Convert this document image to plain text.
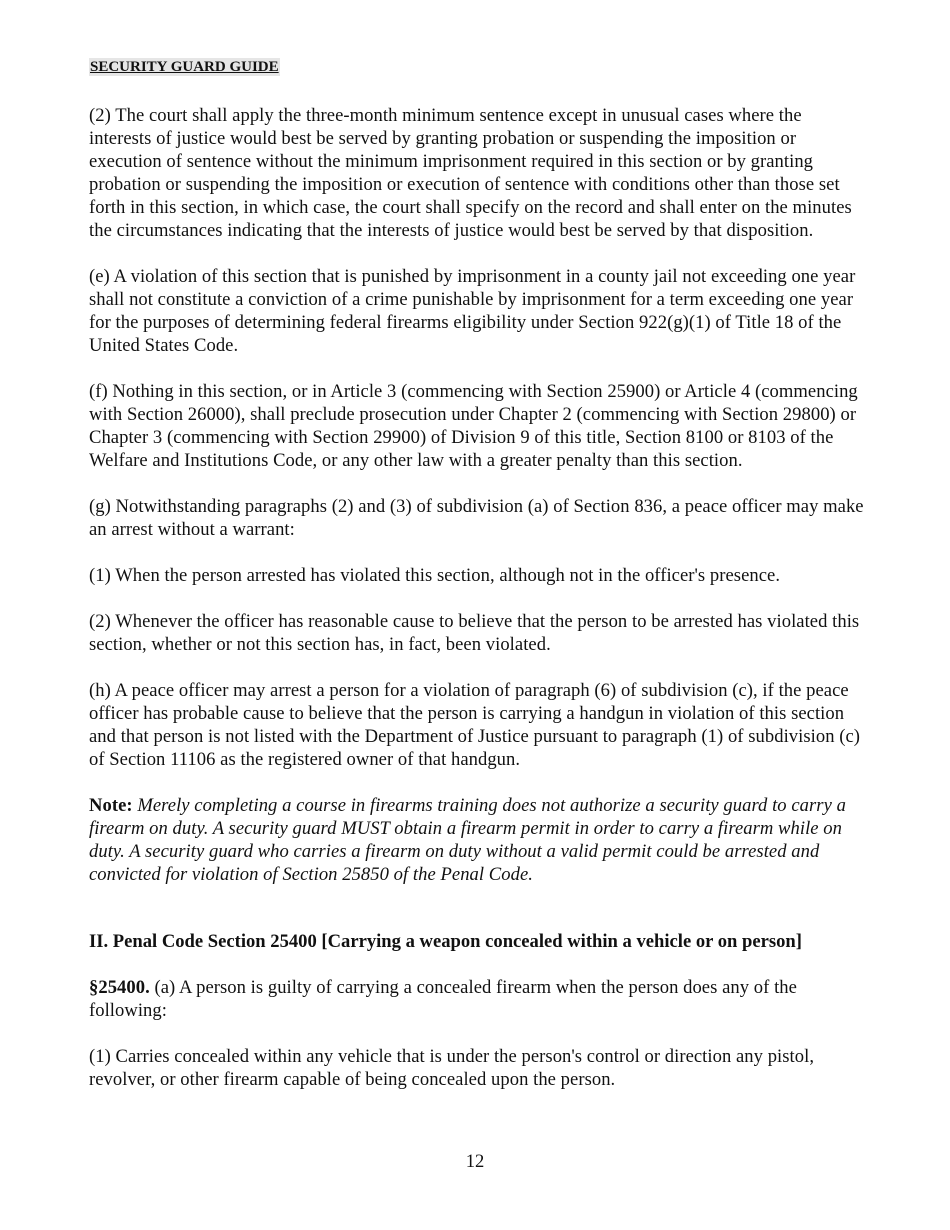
SECURITY GUARD GUIDE

(2) The court shall apply the three-month minimum sentence except in unusual cases where the interests of justice would best be served by granting probation or suspending the imposition or execution of sentence without the minimum imprisonment required in this section or by granting probation or suspending the imposition or execution of sentence with conditions other than those set forth in this section, in which case, the court shall specify on the record and shall enter on the minutes the circumstances indicating that the interests of justice would best be served by that disposition.

(e) A violation of this section that is punished by imprisonment in a county jail not exceeding one year shall not constitute a conviction of a crime punishable by imprisonment for a term exceeding one year for the purposes of determining federal firearms eligibility under Section 922(g)(1) of Title 18 of the United States Code.

(f) Nothing in this section, or in Article 3 (commencing with Section 25900) or Article 4 (commencing with Section 26000), shall preclude prosecution under Chapter 2 (commencing with Section 29800) or Chapter 3 (commencing with Section 29900) of Division 9 of this title, Section 8100 or 8103 of the Welfare and Institutions Code, or any other law with a greater penalty than this section.

(g) Notwithstanding paragraphs (2) and (3) of subdivision (a) of Section 836, a peace officer may make an arrest without a warrant:

(1) When the person arrested has violated this section, although not in the officer's presence.

(2) Whenever the officer has reasonable cause to believe that the person to be arrested has violated this section, whether or not this section has, in fact, been violated.

(h) A peace officer may arrest a person for a violation of paragraph (6) of subdivision (c), if the peace officer has probable cause to believe that the person is carrying a handgun in violation of this section and that person is not listed with the Department of Justice pursuant to paragraph (1) of subdivision (c) of Section 11106 as the registered owner of that handgun.

Note: Merely completing a course in firearms training does not authorize a security guard to carry a firearm on duty. A security guard MUST obtain a firearm permit in order to carry a firearm while on duty. A security guard who carries a firearm on duty without a valid permit could be arrested and convicted for violation of Section 25850 of the Penal Code.

II. Penal Code Section 25400 [Carrying a weapon concealed within a vehicle or on person]

§25400. (a) A person is guilty of carrying a concealed firearm when the person does any of the following:

(1) Carries concealed within any vehicle that is under the person's control or direction any pistol, revolver, or other firearm capable of being concealed upon the person.

12
